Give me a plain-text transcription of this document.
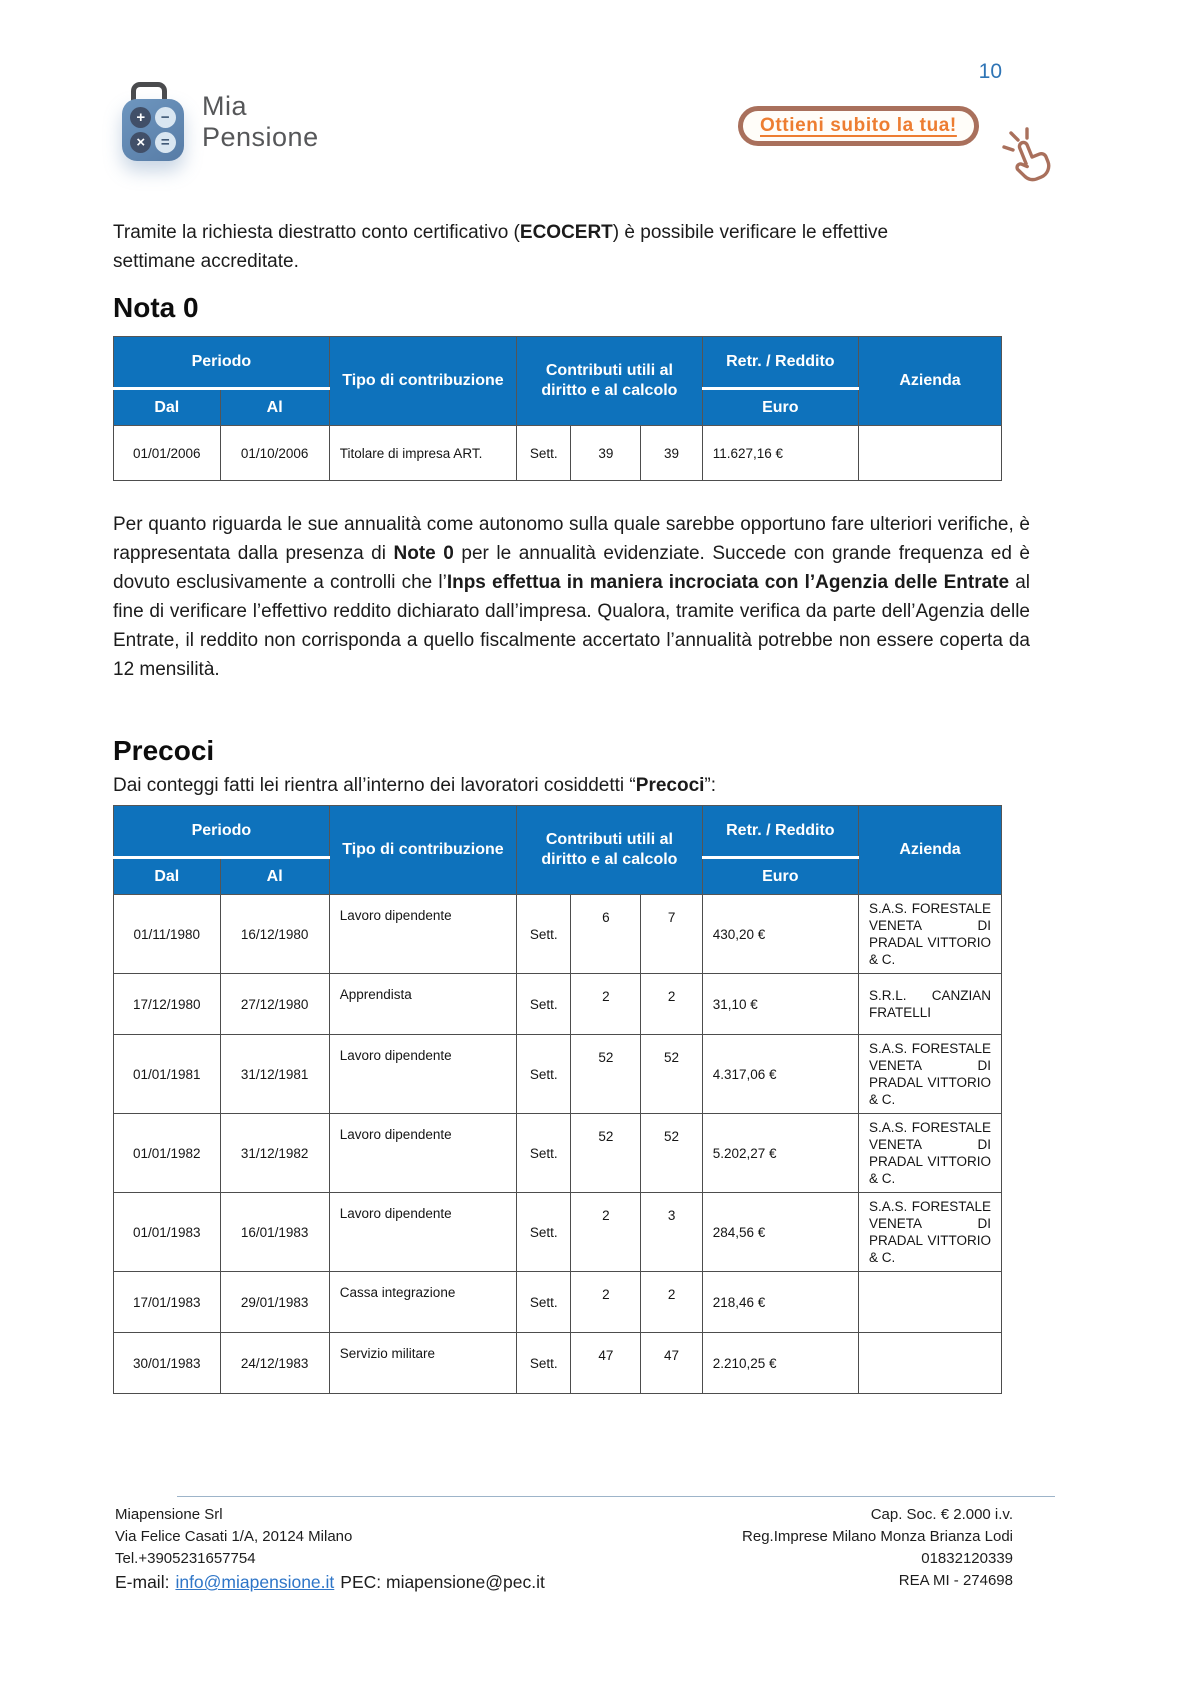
+	−
×	=
Mia
Pensione
10
Ottieni subito la tua!

Tramite la richiesta diestratto conto certificativo (ECOCERT) è possibile verificare le effettive settimane accreditate.

Nota 0
Periodo		Tipo di contribuzione	Contributi utili al diritto e al calcolo			Retr. / Reddito	Azienda
Dal	Al					Euro	
01/01/2006	01/10/2006	Titolare di impresa ART.	Sett.	39	39	11.627,16 €	

Per quanto riguarda le sue annualità come autonomo sulla quale sarebbe opportuno fare ulteriori verifiche, è rappresentata dalla presenza di Note 0 per le annualità evidenziate. Succede con grande frequenza ed è dovuto esclusivamente a controlli che l’Inps effettua in maniera incrociata con l’Agenzia delle Entrate al fine di verificare l’effettivo reddito dichiarato dall’impresa. Qualora, tramite verifica da parte dell’Agenzia delle Entrate, il reddito non corrisponda a quello fiscalmente accertato l’annualità potrebbe non essere coperta da 12 mensilità.

Precoci

Dai conteggi fatti lei rientra all’interno dei lavoratori cosiddetti “Precoci”:

Periodo		Tipo di contribuzione	Contributi utili al diritto e al calcolo			Retr. / Reddito	Azienda
Dal	Al					Euro	
01/11/1980	16/12/1980	Lavoro dipendente	Sett.	6	7	430,20 €	S.A.S. FORESTALE VENETA DI PRADAL VITTORIO & C.
17/12/1980	27/12/1980	Apprendista	Sett.	2	2	31,10 €	S.R.L. CANZIAN FRATELLI
01/01/1981	31/12/1981	Lavoro dipendente	Sett.	52	52	4.317,06 €	S.A.S. FORESTALE VENETA DI PRADAL VITTORIO & C.
01/01/1982	31/12/1982	Lavoro dipendente	Sett.	52	52	5.202,27 €	S.A.S. FORESTALE VENETA DI PRADAL VITTORIO & C.
01/01/1983	16/01/1983	Lavoro dipendente	Sett.	2	3	284,56 €	S.A.S. FORESTALE VENETA DI PRADAL VITTORIO & C.
17/01/1983	29/01/1983	Cassa integrazione	Sett.	2	2	218,46 €	
30/01/1983	24/12/1983	Servizio militare	Sett.	47	47	2.210,25 €	
Miapensione Srl
Via Felice Casati 1/A, 20124 Milano
Tel.+3905231657754
E-mail: info@miapensione.it PEC: miapensione@pec.it
Cap. Soc. € 2.000 i.v.
Reg.Imprese Milano Monza Brianza Lodi
01832120339
REA MI - 274698
